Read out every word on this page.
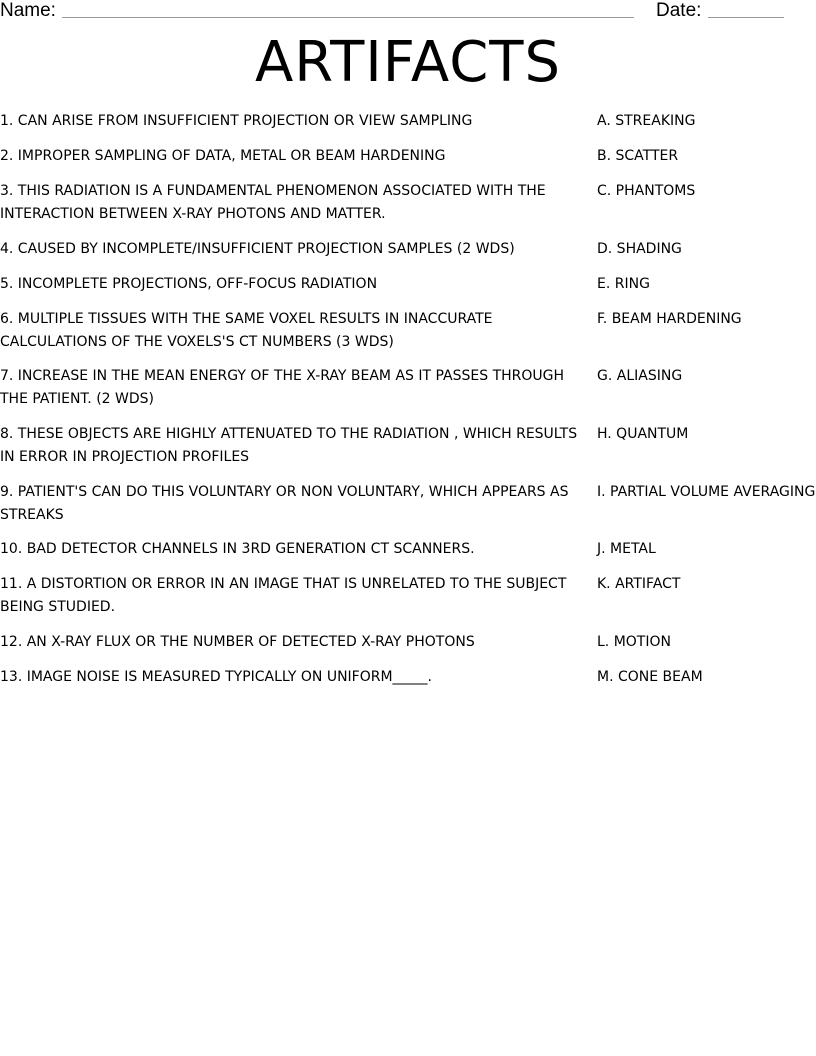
Name:	Date:
ARTIFACTS
1. CAN ARISE FROM INSUFFICIENT PROJECTION OR VIEW SAMPLING	A. STREAKING
2. IMPROPER SAMPLING OF DATA, METAL OR BEAM HARDENING	B. SCATTER
3. THIS RADIATION IS A FUNDAMENTAL PHENOMENON ASSOCIATED WITH THE INTERACTION BETWEEN X-RAY PHOTONS AND MATTER.
C. PHANTOMS
4. CAUSED BY INCOMPLETE/INSUFFICIENT PROJECTION SAMPLES (2 WDS)	D. SHADING
5. INCOMPLETE PROJECTIONS, OFF-FOCUS RADIATION	E. RING
6. MULTIPLE TISSUES WITH THE SAME VOXEL RESULTS IN INACCURATE CALCULATIONS OF THE VOXELS'S CT NUMBERS (3 WDS)
F. BEAM HARDENING
7. INCREASE IN THE MEAN ENERGY OF THE X-RAY BEAM AS IT PASSES THROUGH THE PATIENT. (2 WDS)
G. ALIASING
8. THESE OBJECTS ARE HIGHLY ATTENUATED TO THE RADIATION , WHICH RESULTS IN ERROR IN PROJECTION PROFILES
H. QUANTUM
9. PATIENT'S CAN DO THIS VOLUNTARY OR NON VOLUNTARY, WHICH APPEARS AS STREAKS
I. PARTIAL VOLUME AVERAGING
10. BAD DETECTOR CHANNELS IN 3RD GENERATION CT SCANNERS.	J. METAL
11. A DISTORTION OR ERROR IN AN IMAGE THAT IS UNRELATED TO THE SUBJECT BEING STUDIED.
K. ARTIFACT
12. AN X-RAY FLUX OR THE NUMBER OF DETECTED X-RAY PHOTONS	L. MOTION
13. IMAGE NOISE IS MEASURED TYPICALLY ON UNIFORM_____.	M. CONE BEAM
